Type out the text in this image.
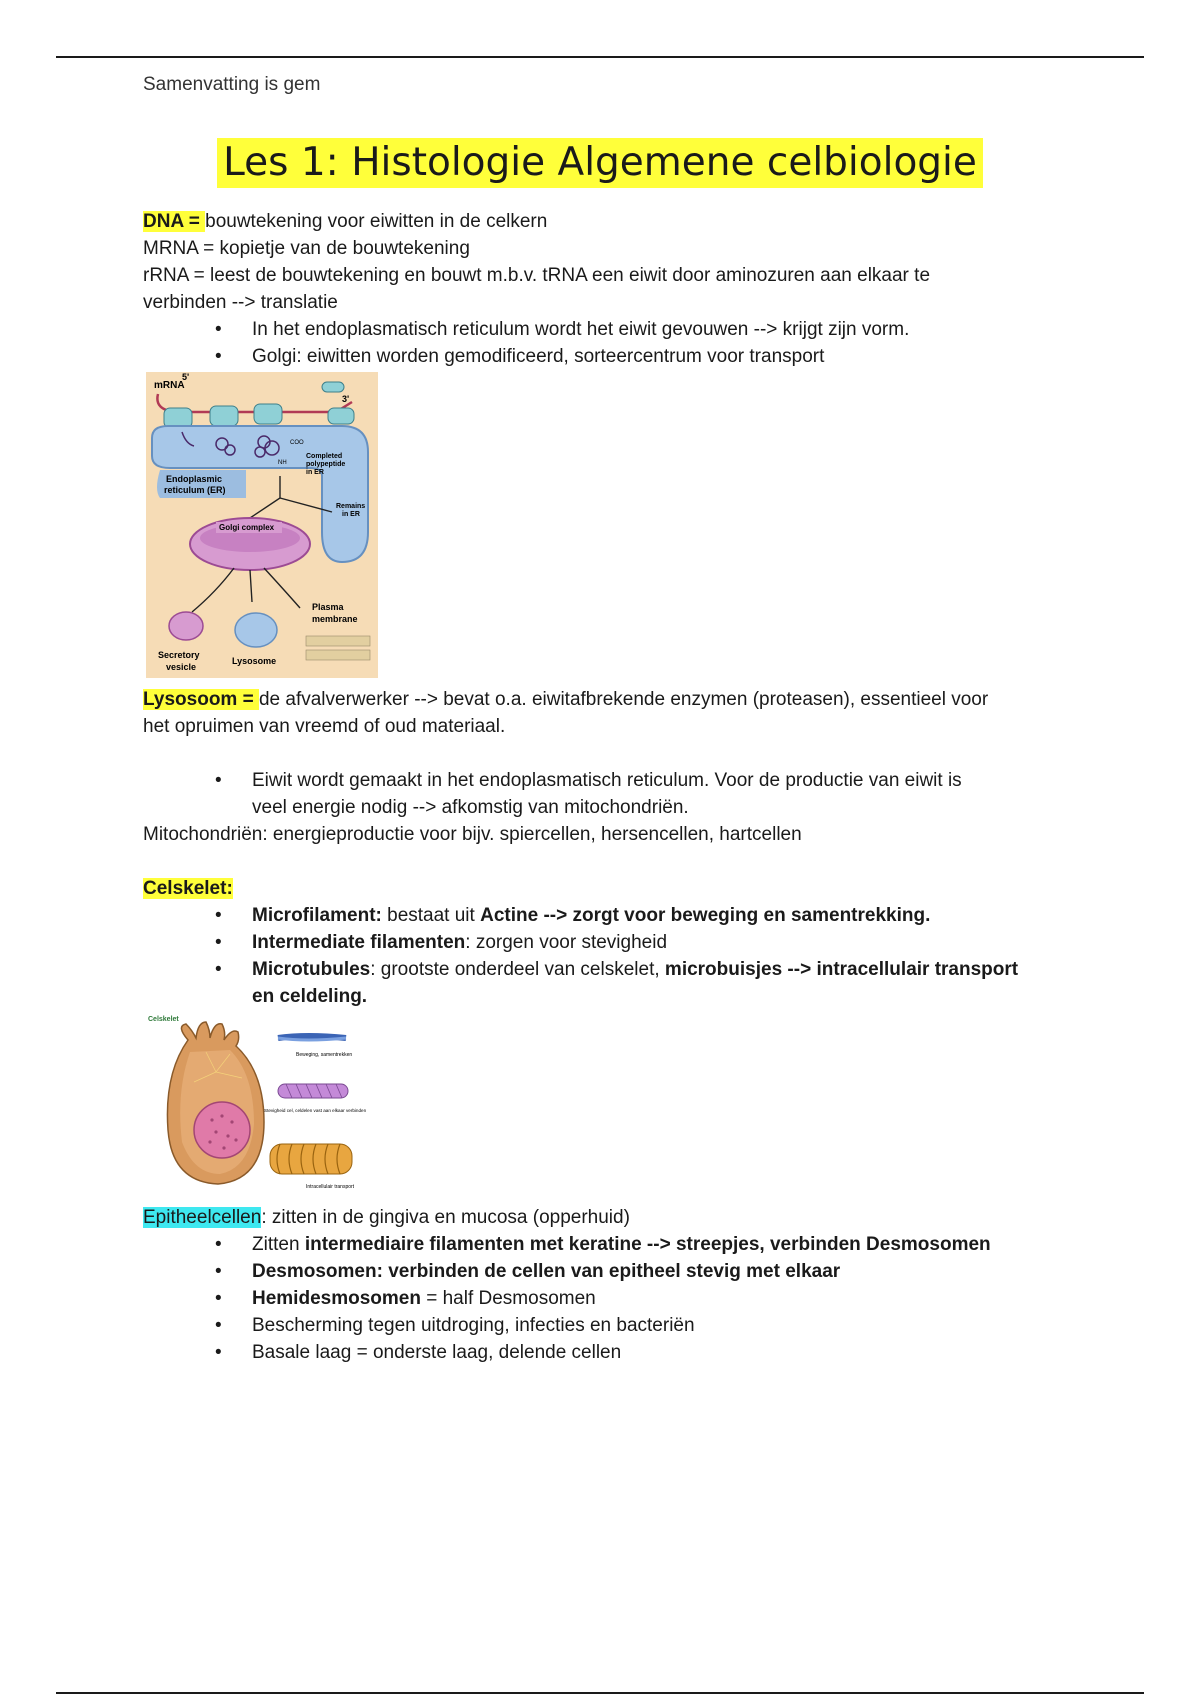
Samenvatting is gem
Les 1: Histologie Algemene celbiologie

DNA = bouwtekening voor eiwitten in de celkern

MRNA = kopietje van de bouwtekening

rRNA = leest de bouwtekening en bouwt m.b.v. tRNA een eiwit door aminozuren aan elkaar te

verbinden --> translatie

• In het endoplasmatisch reticulum wordt het eiwit gevouwen --> krijgt zijn vorm.
• Golgi: eiwitten worden gemodificeerd, sorteercentrum voor transport
mRNA
5'
3'
Endoplasmic
reticulum (ER)
COO
NH
Completed
polypeptide
in ER
Remains
in ER
Golgi complex
Plasma
membrane
Secretory
vesicle
Lysosome

Lysosoom = de afvalverwerker --> bevat o.a. eiwitafbrekende enzymen (proteasen), essentieel voor

het opruimen van vreemd of oud materiaal.

• Eiwit wordt gemaakt in het endoplasmatisch reticulum. Voor de productie van eiwit is
veel energie nodig --> afkomstig van mitochondriën.

Mitochondriën: energieproductie voor bijv. spiercellen, hersencellen, hartcellen

Celskelet:

• Microfilament: bestaat uit Actine --> zorgt voor beweging en samentrekking.
• Intermediate filamenten: zorgen voor stevigheid
• Microtubules: grootste onderdeel van celskelet, microbuisjes --> intracellulair transport
en celdeling.
Celskelet
Beweging, samentrekken
Stevigheid cel, celdelen vast aan elkaar verbinden
Intracellulair transport

Epitheelcellen: zitten in de gingiva en mucosa (opperhuid)

• Zitten intermediaire filamenten met keratine --> streepjes, verbinden Desmosomen
• Desmosomen: verbinden de cellen van epitheel stevig met elkaar
• Hemidesmosomen = half Desmosomen
• Bescherming tegen uitdroging, infecties en bacteriën
• Basale laag = onderste laag, delende cellen
